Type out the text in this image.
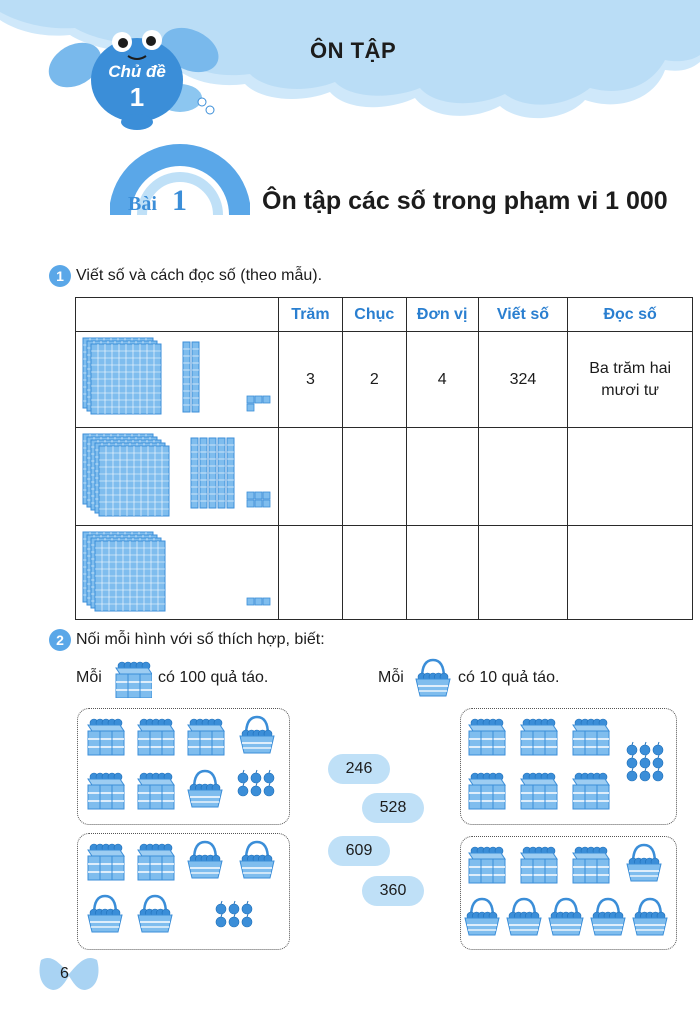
Chủ đề
1
ÔN TẬP
Bài 1	Ôn tập các số trong phạm vi 1 000
1 Viết số và cách đọc số (theo mẫu).
	Trăm	Chục	Đơn vị	Viết số	Đọc số
	3	2	4	324	Ba trăm hai mươi tư

2 Nối mỗi hình với số thích hợp, biết:
Mỗi	có 100 quả táo.	Mỗi	có 10 quả táo.
246
528
609
360
6
